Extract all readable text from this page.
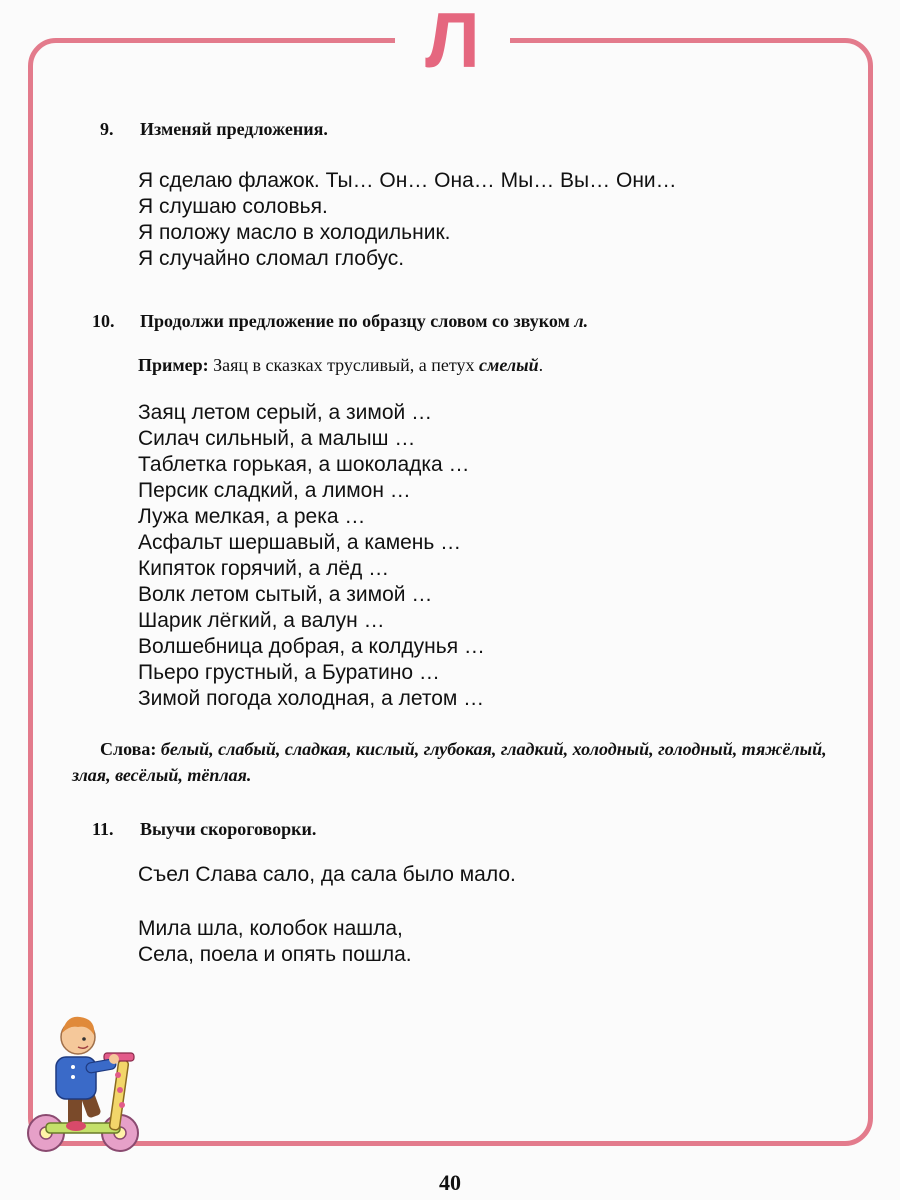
Л
9. Изменяй предложения.
Я сделаю флажок. Ты… Он… Она… Мы… Вы… Они…
Я слушаю соловья.
Я положу масло в холодильник.
Я случайно сломал глобус.
10. Продолжи предложение по образцу словом со звуком л.
Пример: Заяц в сказках трусливый, а петух смелый.
Заяц летом серый, а зимой …
Силач сильный, а малыш …
Таблетка горькая, а шоколадка …
Персик сладкий, а лимон …
Лужа мелкая, а река …
Асфальт шершавый, а камень …
Кипяток горячий, а лёд …
Волк летом сытый, а зимой …
Шарик лёгкий, а валун …
Волшебница добрая, а колдунья …
Пьеро грустный, а Буратино …
Зимой погода холодная, а летом …
Слова: белый, слабый, сладкая, кислый, глубокая, гладкий, холодный, голодный, тяжёлый, злая, весёлый, тёплая.
11. Выучи скороговорки.
Съел Слава сало, да сала было мало.
Мила шла, колобок нашла,
Села, поела и опять пошла.
40
